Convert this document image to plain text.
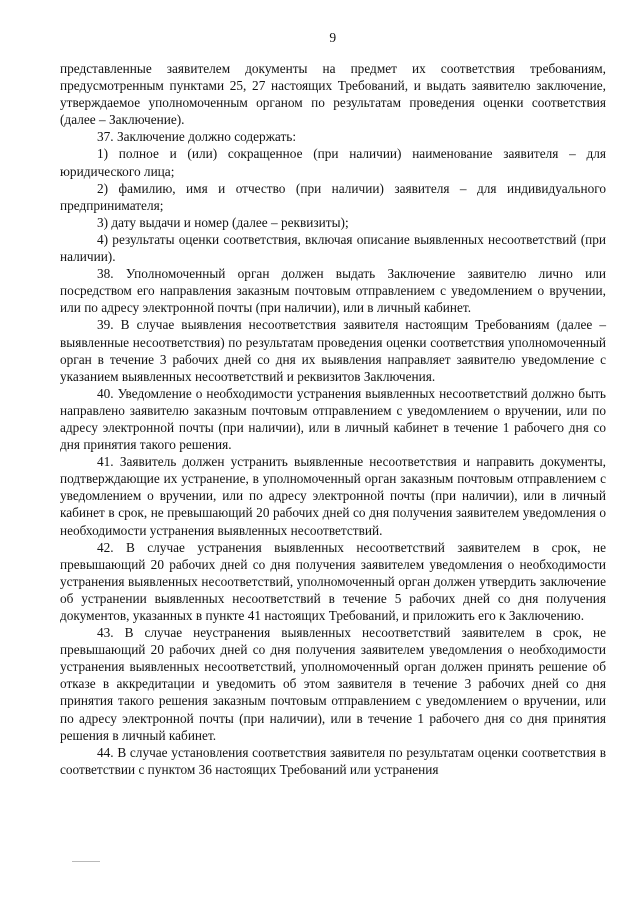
9

представленные заявителем документы на предмет их соответствия требованиям, предусмотренным пунктами 25, 27 настоящих Требований, и выдать заявителю заключение, утверждаемое уполномоченным органом по результатам проведения оценки соответствия (далее – Заключение).

37. Заключение должно содержать:

1) полное и (или) сокращенное (при наличии) наименование заявителя – для юридического лица;

2) фамилию, имя и отчество (при наличии) заявителя – для индивидуального предпринимателя;

3) дату выдачи и номер (далее – реквизиты);

4) результаты оценки соответствия, включая описание выявленных несоответствий (при наличии).

38. Уполномоченный орган должен выдать Заключение заявителю лично или посредством его направления заказным почтовым отправлением с уведомлением о вручении, или по адресу электронной почты (при наличии), или в личный кабинет.

39. В случае выявления несоответствия заявителя настоящим Требованиям (далее – выявленные несоответствия) по результатам проведения оценки соответствия уполномоченный орган в течение 3 рабочих дней со дня их выявления направляет заявителю уведомление с указанием выявленных несоответствий и реквизитов Заключения.

40. Уведомление о необходимости устранения выявленных несоответствий должно быть направлено заявителю заказным почтовым отправлением с уведомлением о вручении, или по адресу электронной почты (при наличии), или в личный кабинет в течение 1 рабочего дня со дня принятия такого решения.

41. Заявитель должен устранить выявленные несоответствия и направить документы, подтверждающие их устранение, в уполномоченный орган заказным почтовым отправлением с уведомлением о вручении, или по адресу электронной почты (при наличии), или в личный кабинет в срок, не превышающий 20 рабочих дней со дня получения заявителем уведомления о необходимости устранения выявленных несоответствий.

42. В случае устранения выявленных несоответствий заявителем в срок, не превышающий 20 рабочих дней со дня получения заявителем уведомления о необходимости устранения выявленных несоответствий, уполномоченный орган должен утвердить заключение об устранении выявленных несоответствий в течение 5 рабочих дней со дня получения документов, указанных в пункте 41 настоящих Требований, и приложить его к Заключению.

43. В случае неустранения выявленных несоответствий заявителем в срок, не превышающий 20 рабочих дней со дня получения заявителем уведомления о необходимости устранения выявленных несоответствий, уполномоченный орган должен принять решение об отказе в аккредитации и уведомить об этом заявителя в течение 3 рабочих дней со дня принятия такого решения заказным почтовым отправлением с уведомлением о вручении, или по адресу электронной почты (при наличии), или в течение 1 рабочего дня со дня принятия решения в личный кабинет.

44. В случае установления соответствия заявителя по результатам оценки соответствия в соответствии с пунктом 36 настоящих Требований или устранения
